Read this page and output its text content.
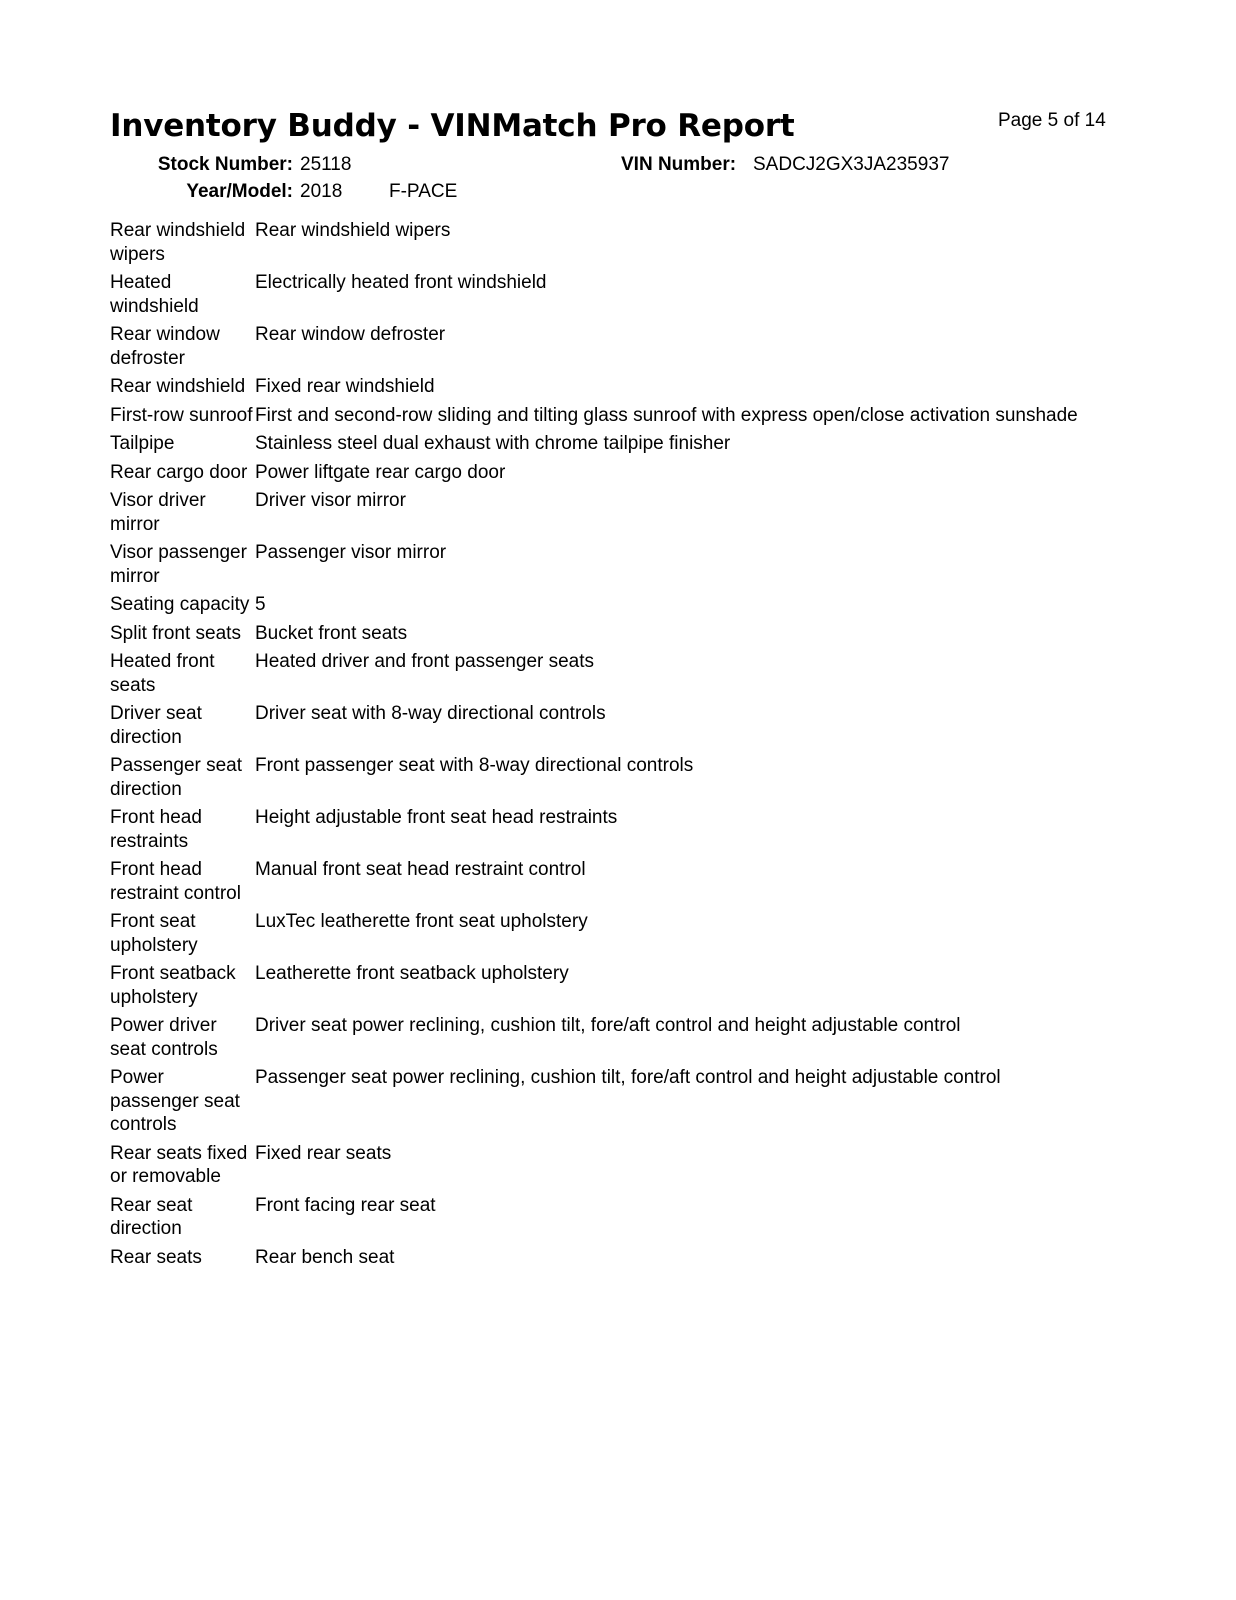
Inventory Buddy - VINMatch Pro Report	Page 5 of 14
Stock Number: 25118	VIN Number: SADCJ2GX3JA235937
Year/Model: 2018 F-PACE
Rear windshield wipers	Rear windshield wipers
Heated windshield	Electrically heated front windshield
Rear window defroster	Rear window defroster
Rear windshield	Fixed rear windshield
First-row sunroof	First and second-row sliding and tilting glass sunroof with express open/close activation sunshade
Tailpipe	Stainless steel dual exhaust with chrome tailpipe finisher
Rear cargo door	Power liftgate rear cargo door
Visor driver mirror	Driver visor mirror
Visor passenger mirror	Passenger visor mirror
Seating capacity	5
Split front seats	Bucket front seats
Heated front seats	Heated driver and front passenger seats
Driver seat direction	Driver seat with 8-way directional controls
Passenger seat direction	Front passenger seat with 8-way directional controls
Front head restraints	Height adjustable front seat head restraints
Front head restraint control	Manual front seat head restraint control
Front seat upholstery	LuxTec leatherette front seat upholstery
Front seatback upholstery	Leatherette front seatback upholstery
Power driver seat controls	Driver seat power reclining, cushion tilt, fore/aft control and height adjustable control
Power passenger seat controls	Passenger seat power reclining, cushion tilt, fore/aft control and height adjustable control
Rear seats fixed or removable	Fixed rear seats
Rear seat direction	Front facing rear seat
Rear seats	Rear bench seat
